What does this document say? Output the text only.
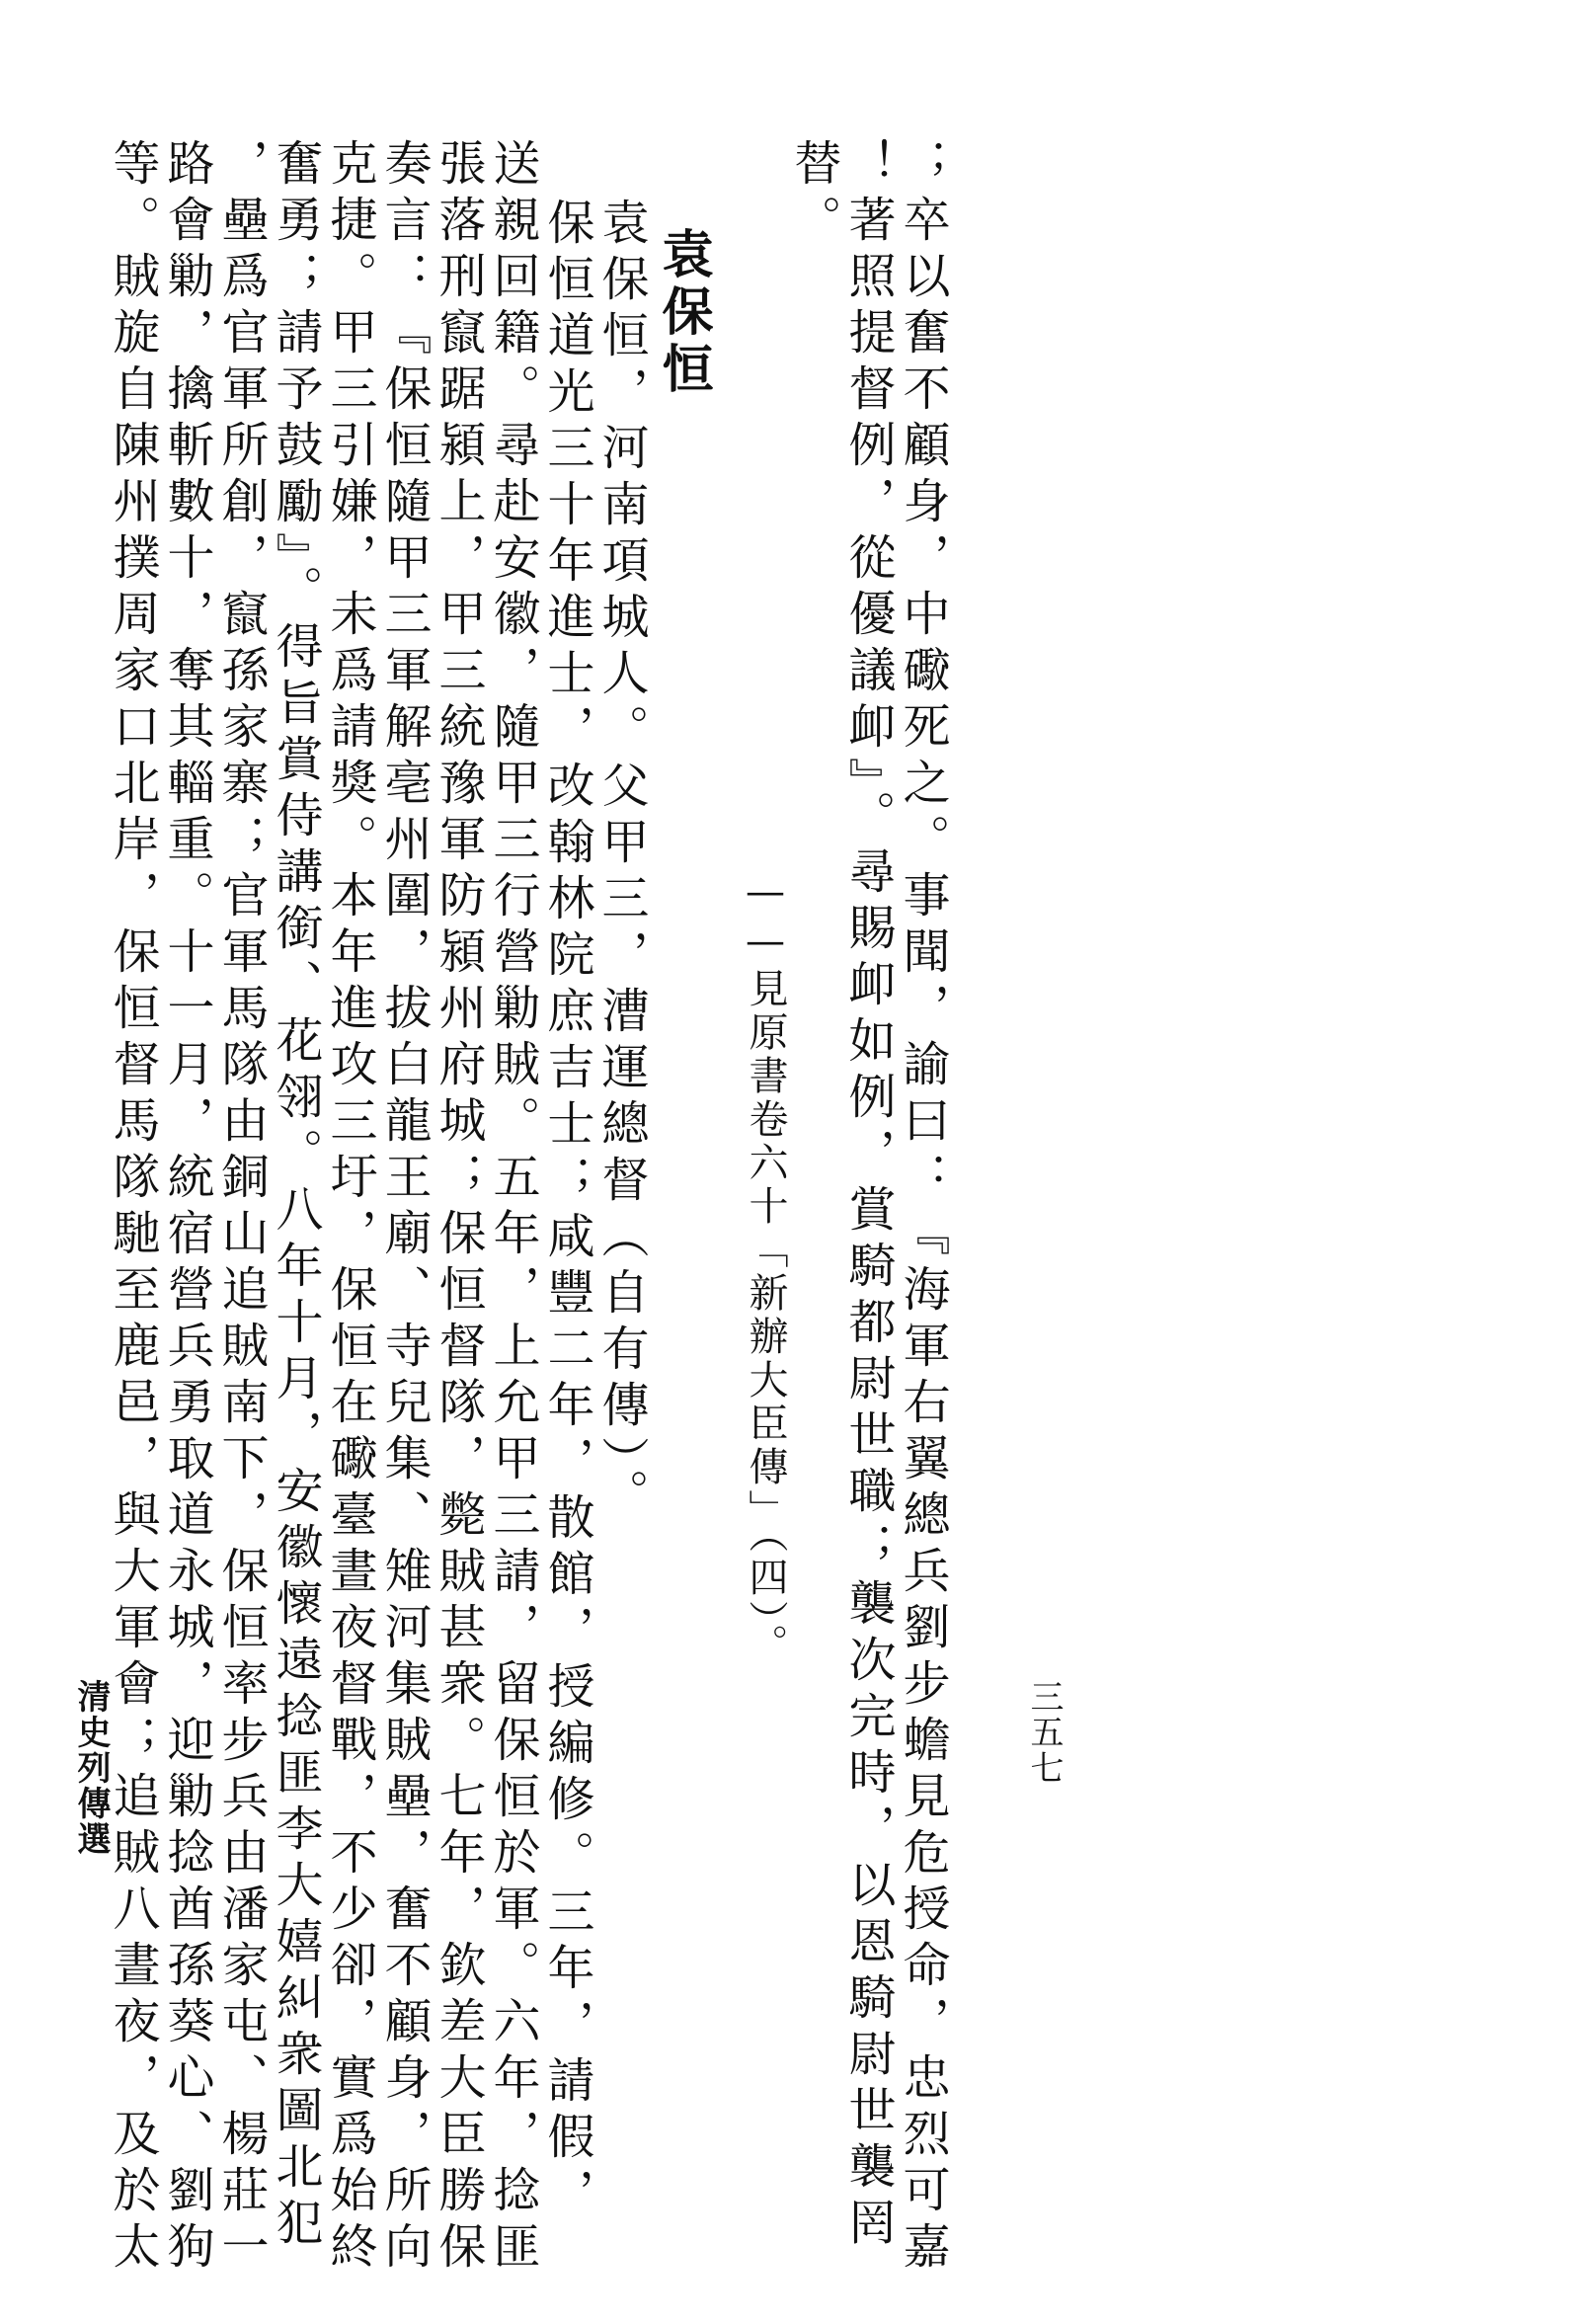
；卒以奮不顧身，中礮死之。事聞，諭曰：『海軍右翼總兵劉步蟾見危授命，忠烈可嘉
！著照提督例，從優議卹』。尋賜卹如例，賞騎都尉世職；襲次完時，以恩騎尉世襲罔
替。
——見原書卷六十「新辦大臣傳」（四）。
袁保恒
袁保恒，河南項城人。父甲三，漕運總督（自有傳）。
保恒道光三十年進士，改翰林院庶吉士；咸豐二年，散館，授編修。三年，請假，
送親回籍。尋赴安徽，隨甲三行營勦賊。五年，上允甲三請，留保恒於軍。六年，捻匪
張落刑竄踞潁上，甲三統豫軍防潁州府城；保恒督隊，斃賊甚衆。七年，欽差大臣勝保
奏言：『保恒隨甲三軍解亳州圍，拔白龍王廟、寺兒集、雉河集賊壘，奮不顧身，所向
克捷。甲三引嫌，未爲請獎。本年進攻三圩，保恒在礮臺晝夜督戰，不少卻，實爲始終
奮勇；請予鼓勵』。得旨賞侍講銜、花翎。八年十月，安徽懷遠捻匪李大嬉糾衆圖北犯
，壘爲官軍所創，竄孫家寨；官軍馬隊由銅山追賊南下，保恒率步兵由潘家屯、楊莊一
路會勦，擒斬數十，奪其輜重。十一月，統宿營兵勇取道永城，迎勦捻酋孫葵心、劉狗
等。賊旋自陳州撲周家口北岸，保恒督馬隊馳至鹿邑，與大軍會；追賊八晝夜，及於太
清史列傳選	三五七
